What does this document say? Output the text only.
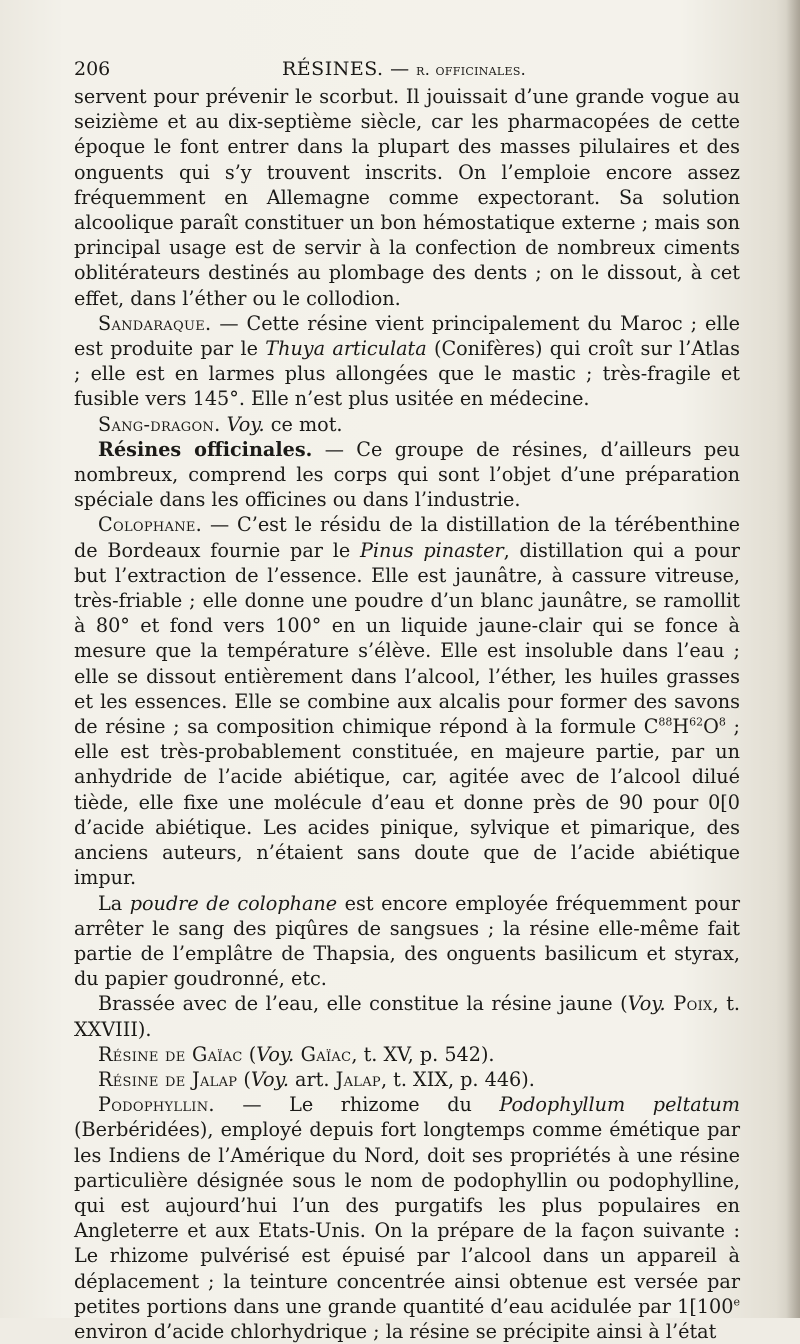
206	RÉSINES. — r. officinales.

servent pour prévenir le scorbut. Il jouissait d’une grande vogue au seizième et au dix-septième siècle, car les pharmacopées de cette époque le font entrer dans la plupart des masses pilulaires et des onguents qui s’y trouvent inscrits. On l’emploie encore assez fréquemment en Allemagne comme expectorant. Sa solution alcoolique paraît constituer un bon hémostatique externe ; mais son principal usage est de servir à la confection de nombreux ciments oblitérateurs destinés au plombage des dents ; on le dissout, à cet effet, dans l’éther ou le collodion.

Sandaraque. — Cette résine vient principalement du Maroc ; elle est produite par le Thuya articulata (Conifères) qui croît sur l’Atlas ; elle est en larmes plus allongées que le mastic ; très-fragile et fusible vers 145°. Elle n’est plus usitée en médecine.

Sang-dragon. Voy. ce mot.

Résines officinales. — Ce groupe de résines, d’ailleurs peu nombreux, comprend les corps qui sont l’objet d’une préparation spéciale dans les officines ou dans l’industrie.

Colophane. — C’est le résidu de la distillation de la térébenthine de Bordeaux fournie par le Pinus pinaster, distillation qui a pour but l’extraction de l’essence. Elle est jaunâtre, à cassure vitreuse, très-friable ; elle donne une poudre d’un blanc jaunâtre, se ramollit à 80° et fond vers 100° en un liquide jaune-clair qui se fonce à mesure que la température s’élève. Elle est insoluble dans l’eau ; elle se dissout entièrement dans l’alcool, l’éther, les huiles grasses et les essences. Elle se combine aux alcalis pour former des savons de résine ; sa composition chimique répond à la formule $C^{88}H^{62}O^8$ ; elle est très-probablement constituée, en majeure partie, par un anhydride de l’acide abiétique, car, agitée avec de l’alcool dilué tiède, elle fixe une molécule d’eau et donne près de 90 pour 0[0 d’acide abiétique. Les acides pinique, sylvique et pimarique, des anciens auteurs, n’étaient sans doute que de l’acide abiétique impur.

La poudre de colophane est encore employée fréquemment pour arrêter le sang des piqûres de sangsues ; la résine elle-même fait partie de l’emplâtre de Thapsia, des onguents basilicum et styrax, du papier goudronné, etc.

Brassée avec de l’eau, elle constitue la résine jaune (Voy. Poix, t. XXVIII).

Résine de Gaïac (Voy. Gaïac, t. XV, p. 542).

Résine de Jalap (Voy. art. Jalap, t. XIX, p. 446).

Podophyllin. — Le rhizome du Podophyllum peltatum (Berbéridées), employé depuis fort longtemps comme émétique par les Indiens de l’Amérique du Nord, doit ses propriétés à une résine particulière désignée sous le nom de podophyllin ou podophylline, qui est aujourd’hui l’un des purgatifs les plus populaires en Angleterre et aux Etats-Unis. On la prépare de la façon suivante : Le rhizome pulvérisé est épuisé par l’alcool dans un appareil à déplacement ; la teinture concentrée ainsi obtenue est versée par petites portions dans une grande quantité d’eau acidulée par 1[100e environ d’acide chlorhydrique ; la résine se précipite ainsi à l’état
